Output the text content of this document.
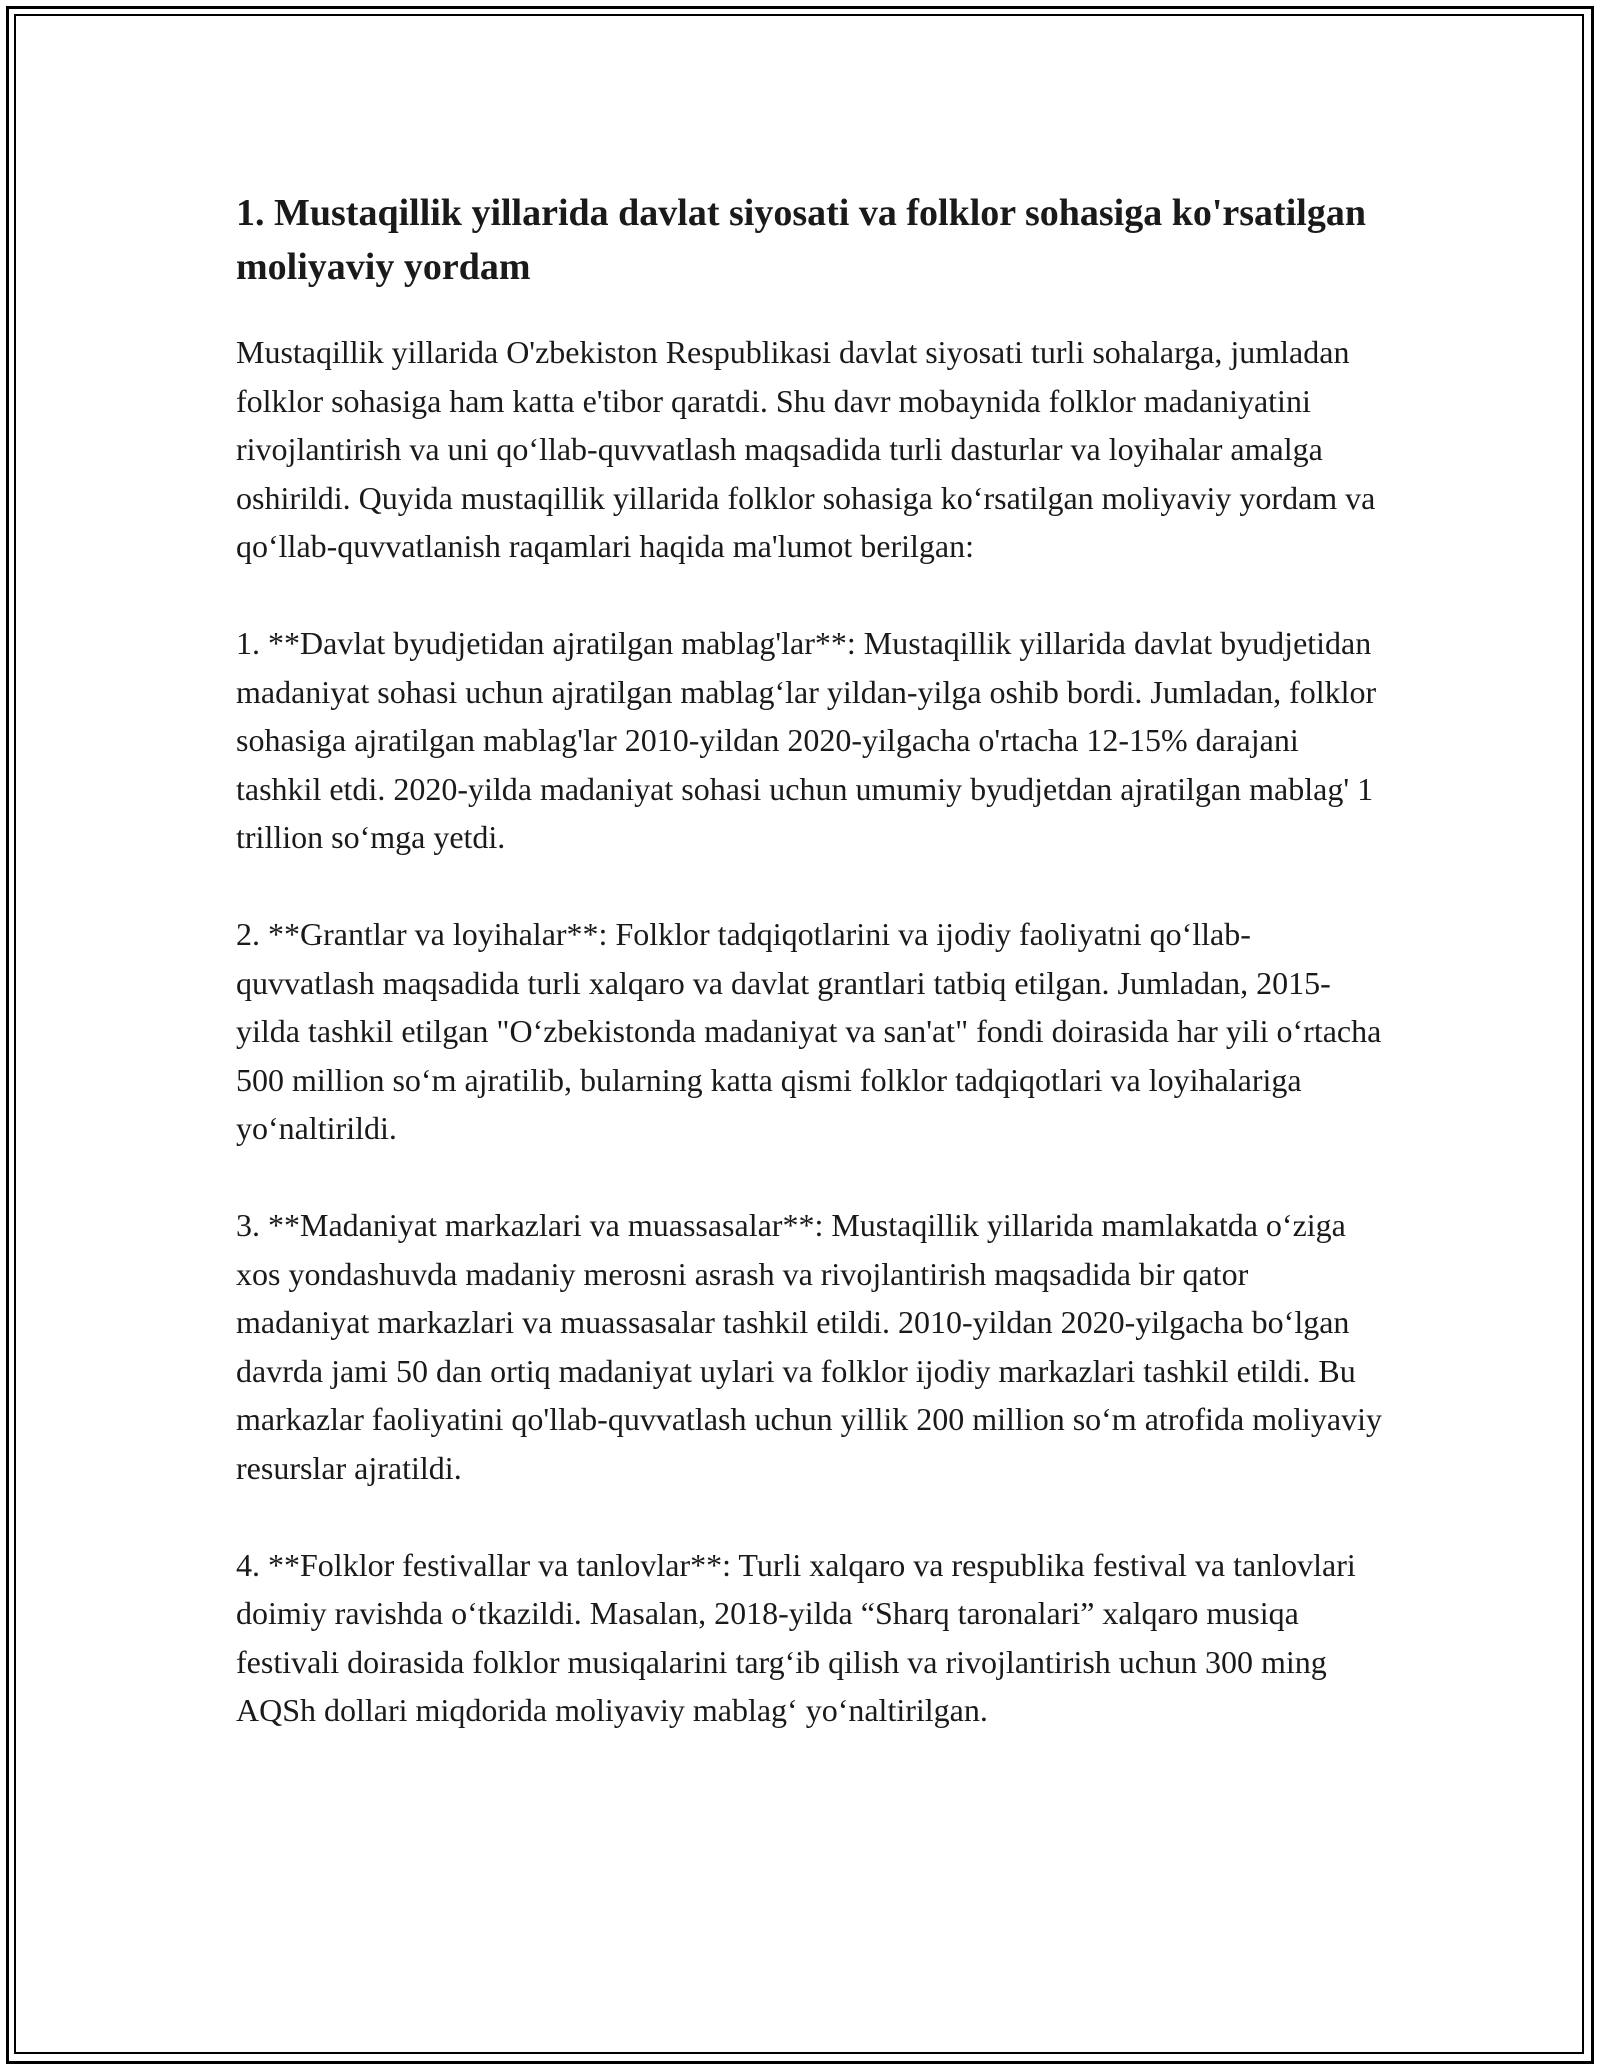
1. Mustaqillik yillarida davlat siyosati va folklor sohasiga ko'rsatilgan moliyaviy yordam

Mustaqillik yillarida O'zbekiston Respublikasi davlat siyosati turli sohalarga, jumladan folklor sohasiga ham katta e'tibor qaratdi. Shu davr mobaynida folklor madaniyatini rivojlantirish va uni qo‘llab-quvvatlash maqsadida turli dasturlar va loyihalar amalga oshirildi. Quyida mustaqillik yillarida folklor sohasiga ko‘rsatilgan moliyaviy yordam va qo‘llab-quvvatlanish raqamlari haqida ma'lumot berilgan:

1. **Davlat byudjetidan ajratilgan mablag'lar**: Mustaqillik yillarida davlat byudjetidan madaniyat sohasi uchun ajratilgan mablag‘lar yildan-yilga oshib bordi. Jumladan, folklor sohasiga ajratilgan mablag'lar 2010-yildan 2020-yilgacha o'rtacha 12-15% darajani tashkil etdi. 2020-yilda madaniyat sohasi uchun umumiy byudjetdan ajratilgan mablag' 1 trillion so‘mga yetdi.

2. **Grantlar va loyihalar**: Folklor tadqiqotlarini va ijodiy faoliyatni qo‘llab-quvvatlash maqsadida turli xalqaro va davlat grantlari tatbiq etilgan. Jumladan, 2015-yilda tashkil etilgan "O‘zbekistonda madaniyat va san'at" fondi doirasida har yili o‘rtacha 500 million so‘m ajratilib, bularning katta qismi folklor tadqiqotlari va loyihalariga yo‘naltirildi.

3. **Madaniyat markazlari va muassasalar**: Mustaqillik yillarida mamlakatda o‘ziga xos yondashuvda madaniy merosni asrash va rivojlantirish maqsadida bir qator madaniyat markazlari va muassasalar tashkil etildi. 2010-yildan 2020-yilgacha bo‘lgan davrda jami 50 dan ortiq madaniyat uylari va folklor ijodiy markazlari tashkil etildi. Bu markazlar faoliyatini qo'llab-quvvatlash uchun yillik 200 million so‘m atrofida moliyaviy resurslar ajratildi.

4. **Folklor festivallar va tanlovlar**: Turli xalqaro va respublika festival va tanlovlari doimiy ravishda o‘tkazildi. Masalan, 2018-yilda “Sharq taronalari” xalqaro musiqa festivali doirasida folklor musiqalarini targ‘ib qilish va rivojlantirish uchun 300 ming AQSh dollari miqdorida moliyaviy mablag‘ yo‘naltirilgan.
